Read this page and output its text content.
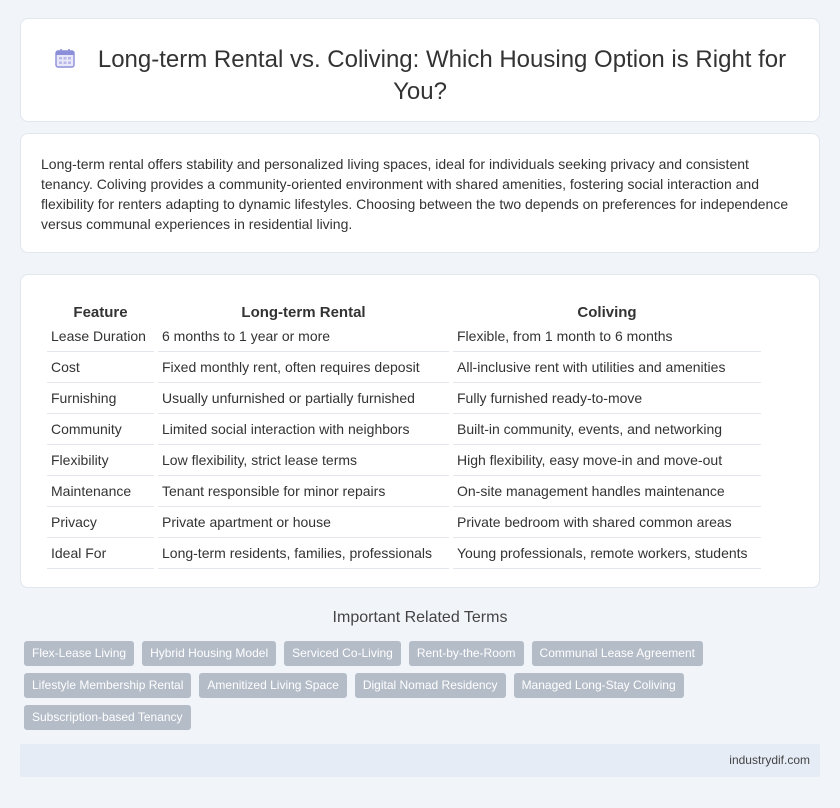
Long-term Rental vs. Coliving: Which Housing Option is Right for You?

Long-term rental offers stability and personalized living spaces, ideal for individuals seeking privacy and consistent tenancy. Coliving provides a community-oriented environment with shared amenities, fostering social interaction and flexibility for renters adapting to dynamic lifestyles. Choosing between the two depends on preferences for independence versus communal experiences in residential living.

Feature	Long-term Rental	Coliving
Lease Duration	6 months to 1 year or more	Flexible, from 1 month to 6 months
Cost	Fixed monthly rent, often requires deposit	All-inclusive rent with utilities and amenities
Furnishing	Usually unfurnished or partially furnished	Fully furnished ready-to-move
Community	Limited social interaction with neighbors	Built-in community, events, and networking
Flexibility	Low flexibility, strict lease terms	High flexibility, easy move-in and move-out
Maintenance	Tenant responsible for minor repairs	On-site management handles maintenance
Privacy	Private apartment or house	Private bedroom with shared common areas
Ideal For	Long-term residents, families, professionals	Young professionals, remote workers, students
Important Related Terms
Flex-Lease Living	Hybrid Housing Model	Serviced Co-Living	Rent-by-the-Room	Communal Lease Agreement
Lifestyle Membership Rental	Amenitized Living Space	Digital Nomad Residency	Managed Long-Stay Coliving
Subscription-based Tenancy
industrydif.com
